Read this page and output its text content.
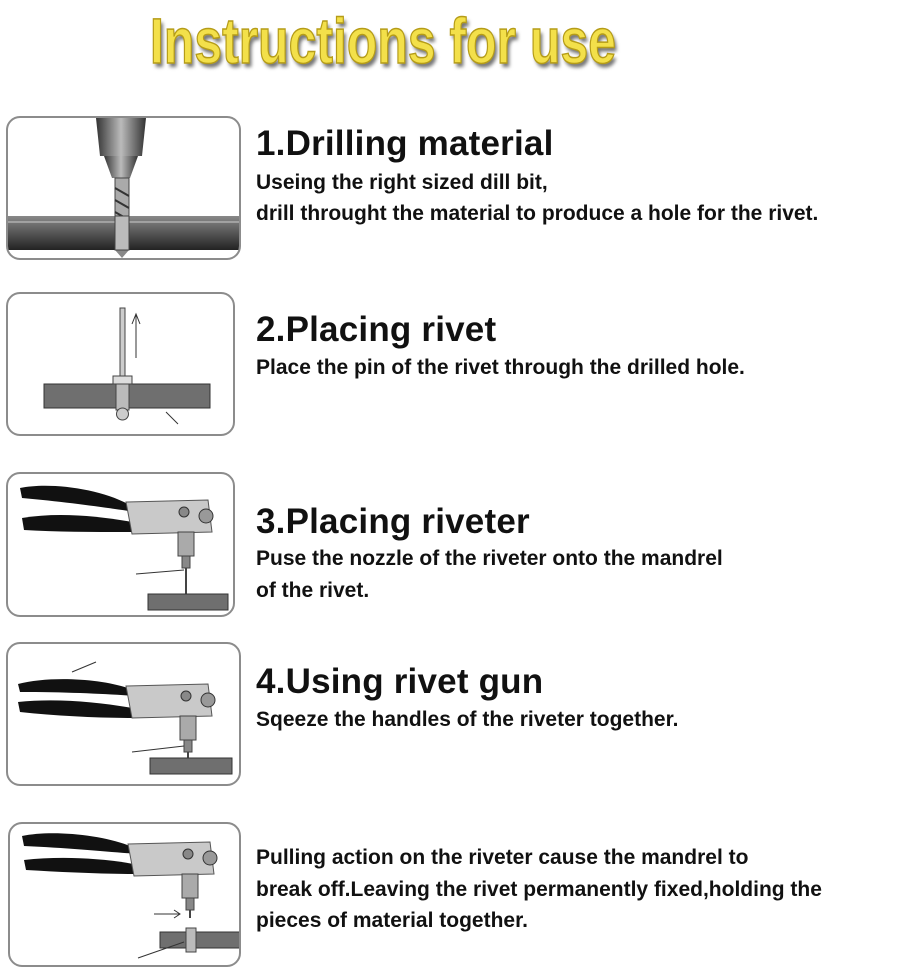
Instructions for use
1.Drilling material
Useing the right sized dill bit,
drill throught the material to produce a hole for the rivet.
2.Placing rivet
Place the pin of the rivet through the drilled hole.
3.Placing riveter
Puse the nozzle of the riveter onto the mandrel
of the rivet.
4.Using rivet gun
Sqeeze the handles of the riveter together.
Pulling action on the riveter cause the mandrel to
break off.Leaving the rivet permanently fixed,holding the
pieces of material together.
